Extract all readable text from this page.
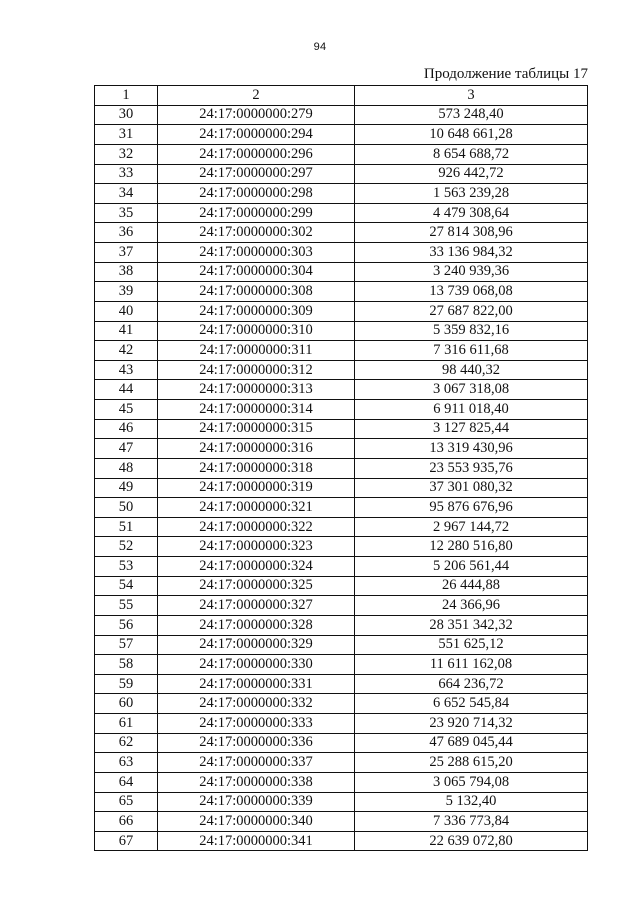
94
Продолжение таблицы 17
1	2	3
30	24:17:0000000:279	573 248,40
31	24:17:0000000:294	10 648 661,28
32	24:17:0000000:296	8 654 688,72
33	24:17:0000000:297	926 442,72
34	24:17:0000000:298	1 563 239,28
35	24:17:0000000:299	4 479 308,64
36	24:17:0000000:302	27 814 308,96
37	24:17:0000000:303	33 136 984,32
38	24:17:0000000:304	3 240 939,36
39	24:17:0000000:308	13 739 068,08
40	24:17:0000000:309	27 687 822,00
41	24:17:0000000:310	5 359 832,16
42	24:17:0000000:311	7 316 611,68
43	24:17:0000000:312	98 440,32
44	24:17:0000000:313	3 067 318,08
45	24:17:0000000:314	6 911 018,40
46	24:17:0000000:315	3 127 825,44
47	24:17:0000000:316	13 319 430,96
48	24:17:0000000:318	23 553 935,76
49	24:17:0000000:319	37 301 080,32
50	24:17:0000000:321	95 876 676,96
51	24:17:0000000:322	2 967 144,72
52	24:17:0000000:323	12 280 516,80
53	24:17:0000000:324	5 206 561,44
54	24:17:0000000:325	26 444,88
55	24:17:0000000:327	24 366,96
56	24:17:0000000:328	28 351 342,32
57	24:17:0000000:329	551 625,12
58	24:17:0000000:330	11 611 162,08
59	24:17:0000000:331	664 236,72
60	24:17:0000000:332	6 652 545,84
61	24:17:0000000:333	23 920 714,32
62	24:17:0000000:336	47 689 045,44
63	24:17:0000000:337	25 288 615,20
64	24:17:0000000:338	3 065 794,08
65	24:17:0000000:339	5 132,40
66	24:17:0000000:340	7 336 773,84
67	24:17:0000000:341	22 639 072,80
